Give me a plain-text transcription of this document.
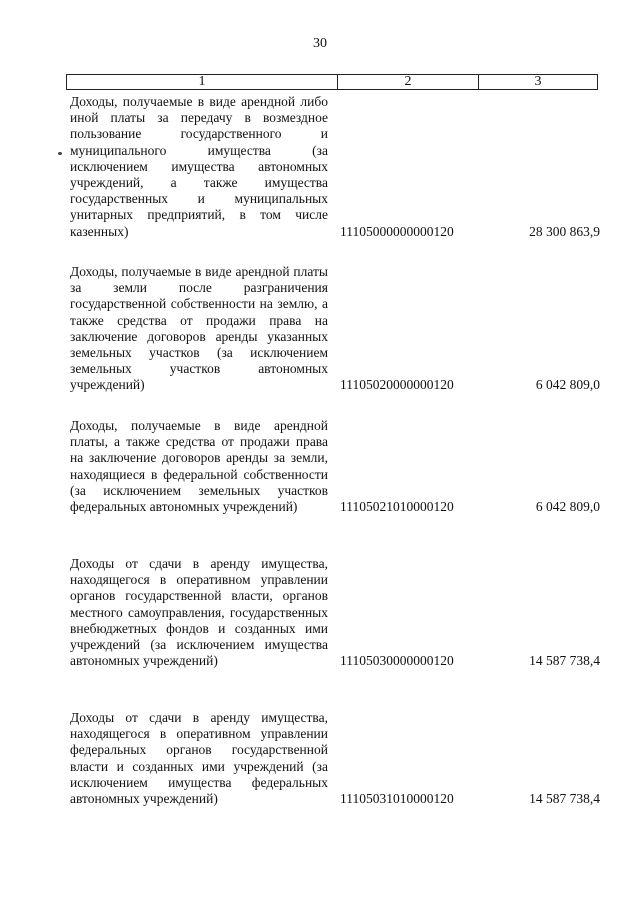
30
1	2	3
Доходы, получаемые в виде арендной либо иной платы за передачу в возмездное пользование государственного и муниципального имущества (за исключением имущества автономных учреждений, а также имущества государственных и муниципальных унитарных предприятий, в том числе казенных)	11105000000000120	28 300 863,9
Доходы, получаемые в виде арендной платы за земли после разграничения государственной собственности на землю, а также средства от продажи права на заключение договоров аренды указанных земельных участков (за исключением земельных участков автономных учреждений)	11105020000000120	6 042 809,0
Доходы, получаемые в виде арендной платы, а также средства от продажи права на заключение договоров аренды за земли, находящиеся в федеральной собственности (за исключением земельных участков федеральных автономных учреждений)	11105021010000120	6 042 809,0
Доходы от сдачи в аренду имущества, находящегося в оперативном управлении органов государственной власти, органов местного самоуправления, государственных внебюджетных фондов и созданных ими учреждений (за исключением имущества автономных учреждений)	11105030000000120	14 587 738,4
Доходы от сдачи в аренду имущества, находящегося в оперативном управлении федеральных органов государственной власти и созданных ими учреждений (за исключением имущества федеральных автономных учреждений)	11105031010000120	14 587 738,4
